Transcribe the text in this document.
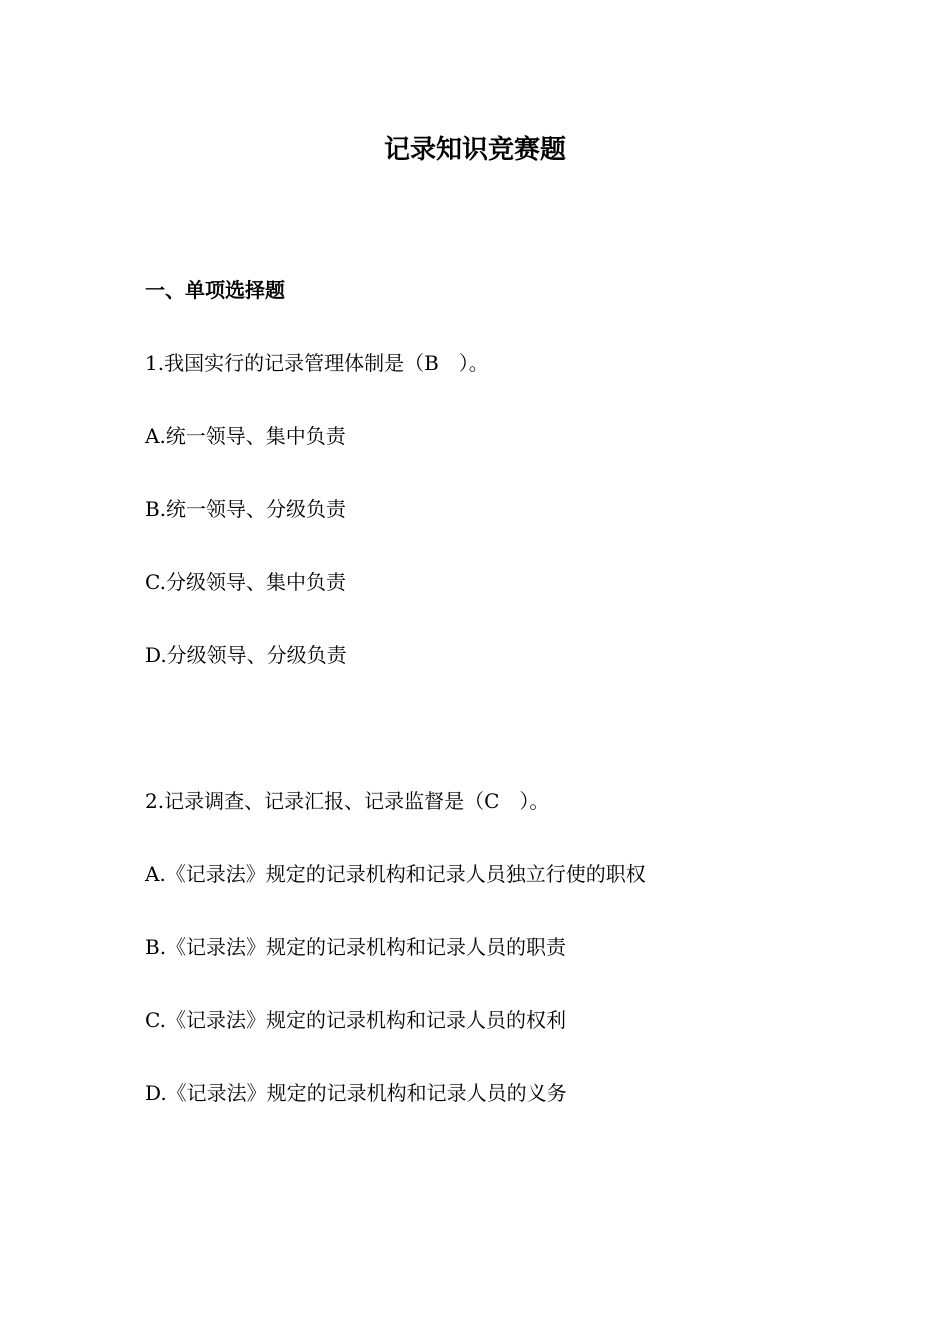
记录知识竞赛题
一、单项选择题
1.我国实行的记录管理体制是（B　）。
A.统一领导、集中负责
B.统一领导、分级负责
C.分级领导、集中负责
D.分级领导、分级负责
2.记录调查、记录汇报、记录监督是（C　）。
A.《记录法》规定的记录机构和记录人员独立行使的职权
B.《记录法》规定的记录机构和记录人员的职责
C.《记录法》规定的记录机构和记录人员的权利
D.《记录法》规定的记录机构和记录人员的义务
